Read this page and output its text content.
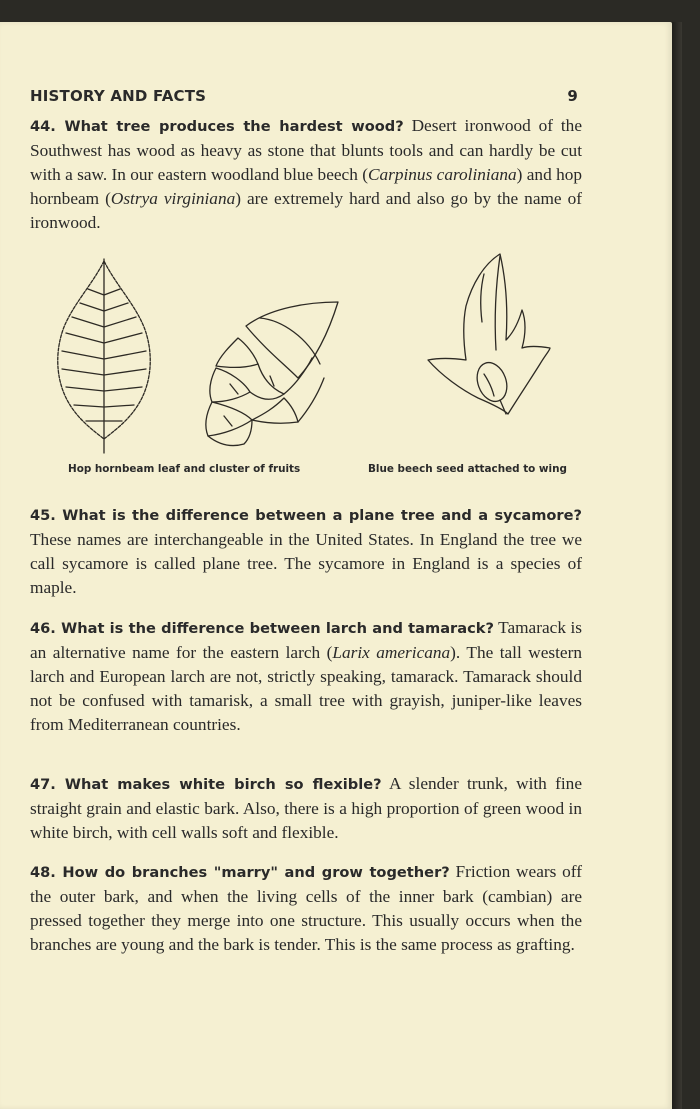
HISTORY AND FACTS	9

44. What tree produces the hardest wood? Desert ironwood of the Southwest has wood as heavy as stone that blunts tools and can hardly be cut with a saw. In our eastern woodland blue beech (Carpinus caroliniana) and hop hornbeam (Ostrya virginiana) are extremely hard and also go by the name of ironwood.

Hop hornbeam leaf and cluster of fruits	Blue beech seed attached to wing

45. What is the difference between a plane tree and a sycamore? These names are interchangeable in the United States. In England the tree we call sycamore is called plane tree. The sycamore in England is a species of maple.

46. What is the difference between larch and tamarack? Tamarack is an alternative name for the eastern larch (Larix americana). The tall western larch and European larch are not, strictly speaking, tamarack. Tamarack should not be confused with tamarisk, a small tree with grayish, juniper-like leaves from Mediterranean countries.

47. What makes white birch so flexible? A slender trunk, with fine straight grain and elastic bark. Also, there is a high proportion of green wood in white birch, with cell walls soft and flexible.

48. How do branches "marry" and grow together? Friction wears off the outer bark, and when the living cells of the inner bark (cambian) are pressed together they merge into one structure. This usually occurs when the branches are young and the bark is tender. This is the same process as grafting.
